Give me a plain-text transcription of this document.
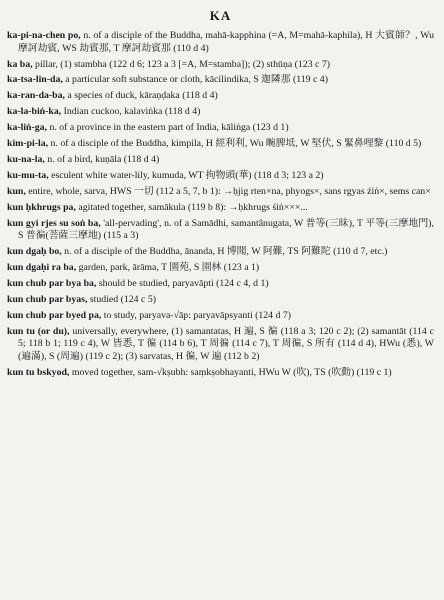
KA

ka-pi-na-chen po, n. of a disciple of the Buddha, mahā-kapphina (=A, M=mahā-kaphila), H 大賓師？, Wu 摩訶劫賓, WS 劫賓那, T 摩訶劫賓那 (110 d 4)

ka ba, pillar, (1) stambha (122 d 6; 123 a 3 [=A, M=stamba]); (2) sthūṇa (123 c 7)

ka-tsa-lin-da, a particular soft substance or cloth, kācilindika, S 迦隣那 (119 c 4)

ka-ran-da-ba, a species of duck, kāraṇḍaka (118 d 4)

ka-la-biṅ-ka, Indian cuckoo, kalaviṅka (118 d 4)

ka-liṅ-ga, n. of a province in the eastern part of India, kāliṅga (123 d 1)

kim-pi-la, n. of a disciple of the Buddha, kimpila, H 經利利, Wu 畹脾坻, W 堅伏, S 緊鼻哩黎 (110 d 5)

ku-na-la, n. of a bird, kuṇāla (118 d 4)

ku-mu-ta, esculent white water-lily, kumuda, WT 拘物頭(華) (118 d 3; 123 a 2)

kun, entire, whole, sarva, HWS 一切 (112 a 5, 7, b 1): →ḥjig rten×na, phyogs×, sans rgyas źiṅ×, sems can×

kun ḥkhrugs pa, agitated together, samākula (119 b 8): →ḥkhrugs śiṅ×××...

kun gyi rjes su soṅ ba, 'all-pervading', n. of a Samādhi, samantânugata, W 普等(三昧), T 平等(三摩地門), S 普徧(菩薩三摩地) (115 a 3)

kun dgaḥ bo, n. of a disciple of the Buddha, ānanda, H 博聞, W 阿難, TS 阿難陀 (110 d 7, etc.)

kun dgaḥi ra ba, garden, park, ārāma, T 園苑, S 園林 (123 a 1)

kun chub par bya ba, should be studied, paryavāpti (124 c 4, d 1)

kun chub par byas, studied (124 c 5)

kun chub par byed pa, to study, paryava-√āp: paryavāpsyanti (124 d 7)

kun tu (or du), universally, everywhere, (1) samantatas, H 遍, S 徧 (118 a 3; 120 c 2); (2) samantāt (114 c 5; 118 b 1; 119 c 4), W 皆悉, T 徧 (114 b 6), T 周徧 (114 c 7), T 周徧, S 所有 (114 d 4), HWu (悉), W (遍滿), S (周遍) (119 c 2); (3) sarvatas, H 徧, W 遍 (112 b 2)

kun tu bskyod, moved together, sam-√kṣubh: saṃkṣobhayanti, HWu W (吹), TS (吹動) (119 c 1)
